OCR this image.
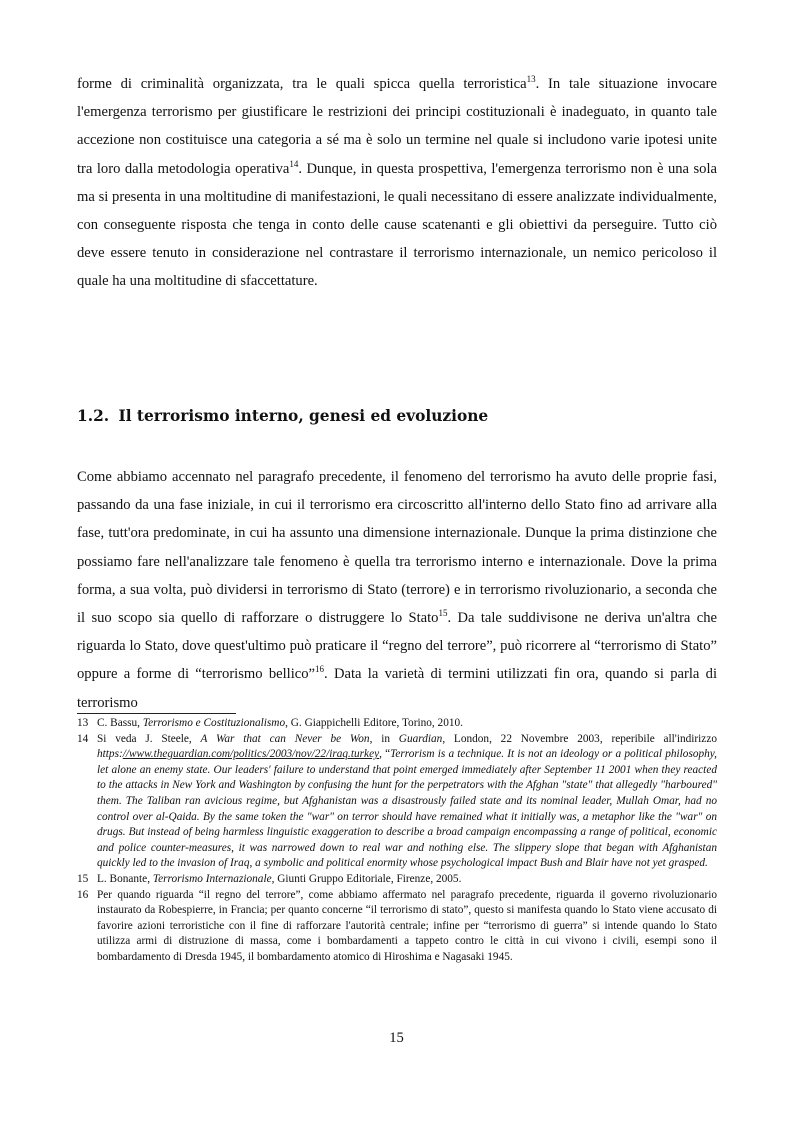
forme di criminalità organizzata, tra le quali spicca quella terroristica$^{13}$. In tale situazione invocare l'emergenza terrorismo per giustificare le restrizioni dei principi costituzionali è inadeguato, in quanto tale accezione non costituisce una categoria a sé ma è solo un termine nel quale si includono varie ipotesi unite tra loro dalla metodologia operativa$^{14}$. Dunque, in questa prospettiva, l'emergenza terrorismo non è una sola ma si presenta in una moltitudine di manifestazioni, le quali necessitano di essere analizzate individualmente, con conseguente risposta che tenga in conto delle cause scatenanti e gli obiettivi da perseguire. Tutto ciò deve essere tenuto in considerazione nel contrastare il terrorismo internazionale, un nemico pericoloso il quale ha una moltitudine di sfaccettature.

1.2. Il terrorismo interno, genesi ed evoluzione

Come abbiamo accennato nel paragrafo precedente, il fenomeno del terrorismo ha avuto delle proprie fasi, passando da una fase iniziale, in cui il terrorismo era circoscritto all'interno dello Stato fino ad arrivare alla fase, tutt'ora predominate, in cui ha assunto una dimensione internazionale. Dunque la prima distinzione che possiamo fare nell'analizzare tale fenomeno è quella tra terrorismo interno e internazionale. Dove la prima forma, a sua volta, può dividersi in terrorismo di Stato (terrore) e in terrorismo rivoluzionario, a seconda che il suo scopo sia quello di rafforzare o distruggere lo Stato$^{15}$. Da tale suddivisone ne deriva un'altra che riguarda lo Stato, dove quest'ultimo può praticare il “regno del terrore”, può ricorrere al “terrorismo di Stato” oppure a forme di “terrorismo bellico”$^{16}$. Data la varietà di termini utilizzati fin ora, quando si parla di terrorismo

13 C. Bassu, Terrorismo e Costituzionalismo, G. Giappichelli Editore, Torino, 2010.
14 Si veda J. Steele, A War that can Never be Won, in Guardian, London, 22 Novembre 2003, reperibile all'indirizzo https://www.theguardian.com/politics/2003/nov/22/iraq.turkey, “Terrorism is a technique. It is not an ideology or a political philosophy, let alone an enemy state. Our leaders' failure to understand that point emerged immediately after September 11 2001 when they reacted to the attacks in New York and Washington by confusing the hunt for the perpetrators with the Afghan "state" that allegedly "harboured" them. The Taliban ran avicious regime, but Afghanistan was a disastrously failed state and its nominal leader, Mullah Omar, had no control over al-Qaida. By the same token the "war" on terror should have remained what it initially was, a metaphor like the "war" on drugs. But instead of being harmless linguistic exaggeration to describe a broad campaign encompassing a range of political, economic and police counter-measures, it was narrowed down to real war and nothing else. The slippery slope that began with Afghanistan quickly led to the invasion of Iraq, a symbolic and political enormity whose psychological impact Bush and Blair have not yet grasped.
15 L. Bonante, Terrorismo Internazionale, Giunti Gruppo Editoriale, Firenze, 2005.
16 Per quando riguarda “il regno del terrore”, come abbiamo affermato nel paragrafo precedente, riguarda il governo rivoluzionario instaurato da Robespierre, in Francia; per quanto concerne “il terrorismo di stato”, questo si manifesta quando lo Stato viene accusato di favorire azioni terroristiche con il fine di rafforzare l'autorità centrale; infine per “terrorismo di guerra” si intende quando lo Stato utilizza armi di distruzione di massa, come i bombardamenti a tappeto contro le città in cui vivono i civili, esempi sono il bombardamento di Dresda 1945, il bombardamento atomico di Hiroshima e Nagasaki 1945.
15
